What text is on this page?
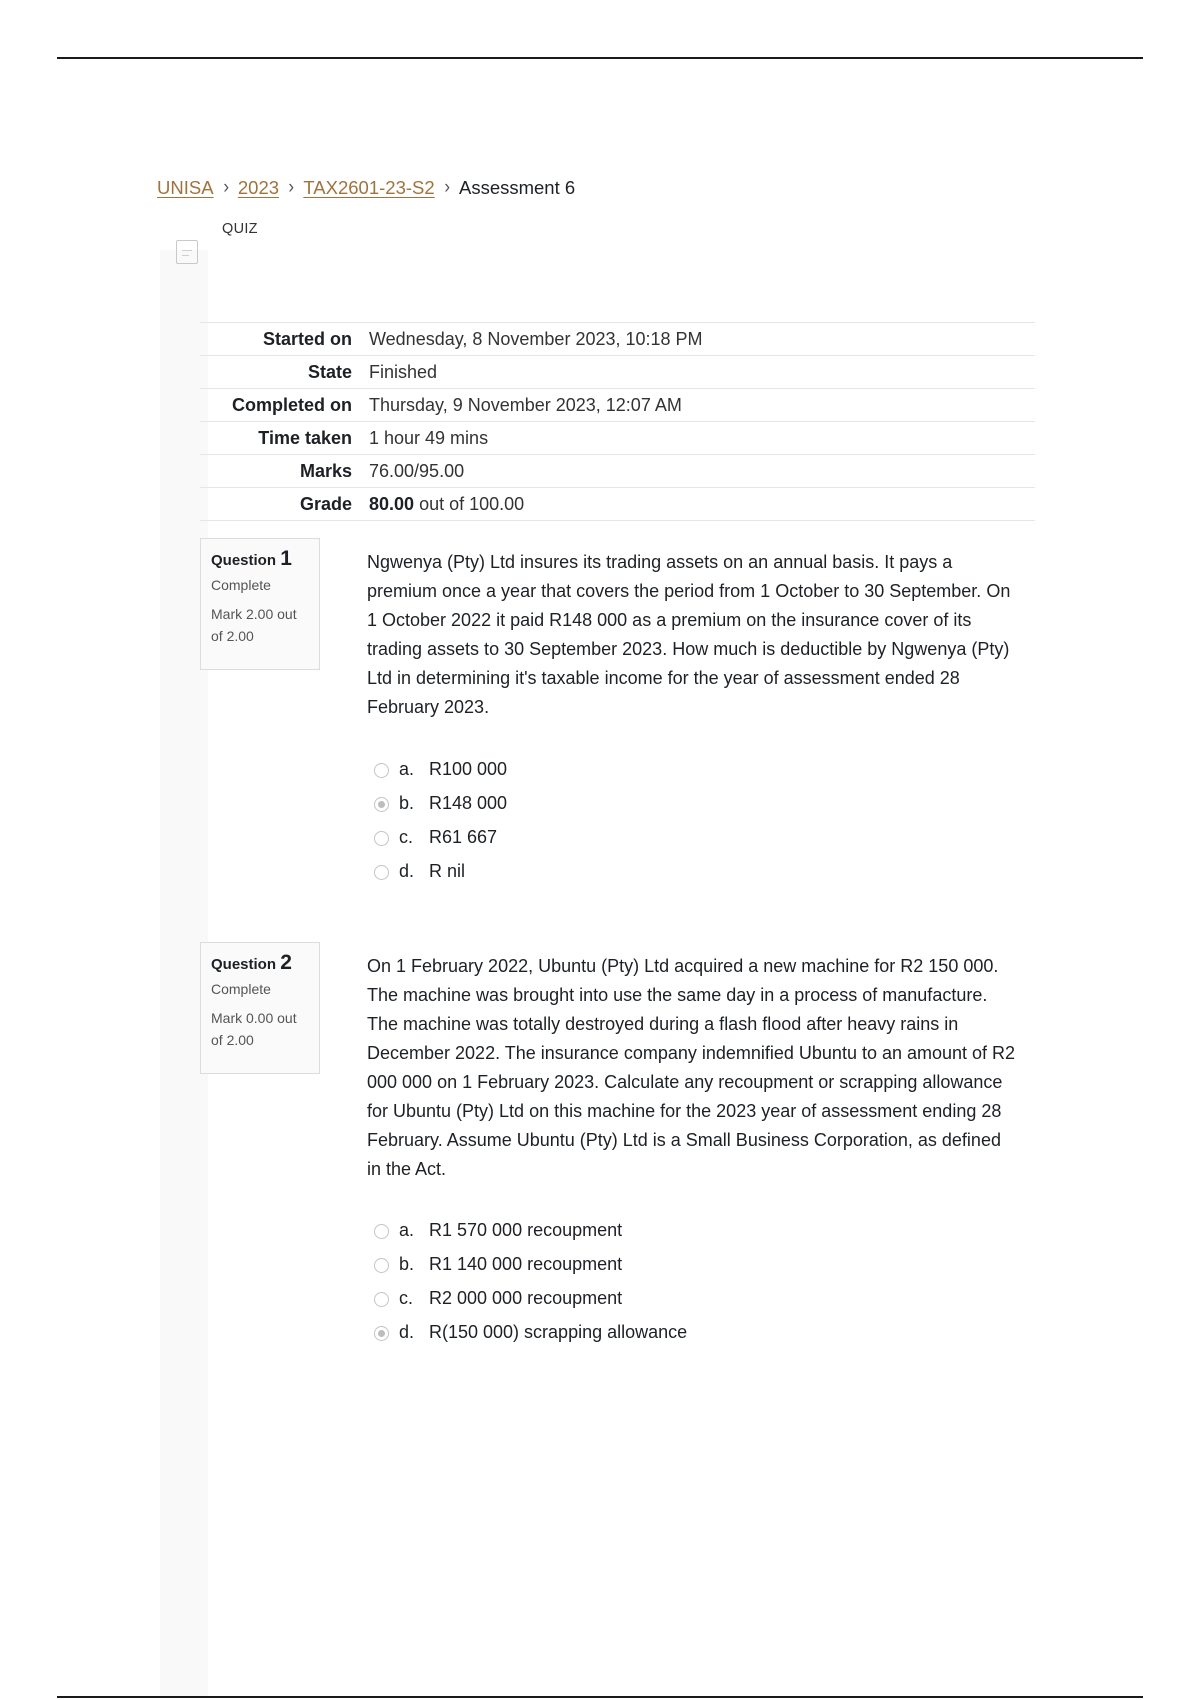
UNISA › 2023 › TAX2601-23-S2 › Assessment 6
QUIZ
Started on	Wednesday, 8 November 2023, 10:18 PM
State	Finished
Completed on	Thursday, 9 November 2023, 12:07 AM
Time taken	1 hour 49 mins
Marks	76.00/95.00
Grade	80.00 out of 100.00
Question 1
Complete
Mark 2.00 out
of 2.00
Ngwenya (Pty) Ltd insures its trading assets on an annual basis. It pays a premium once a year that covers the period from 1 October to 30 September. On 1 October 2022 it paid R148 000 as a premium on the insurance cover of its trading assets to 30 September 2023. How much is deductible by Ngwenya (Pty) Ltd in determining it's taxable income for the year of assessment ended 28 February 2023.
a. R100 000
b. R148 000
c. R61 667
d. R nil
Question 2
Complete
Mark 0.00 out
of 2.00
On 1 February 2022, Ubuntu (Pty) Ltd acquired a new machine for R2 150 000. The machine was brought into use the same day in a process of manufacture. The machine was totally destroyed during a flash flood after heavy rains in December 2022. The insurance company indemnified Ubuntu to an amount of R2 000 000 on 1 February 2023. Calculate any recoupment or scrapping allowance for Ubuntu (Pty) Ltd on this machine for the 2023 year of assessment ending 28 February. Assume Ubuntu (Pty) Ltd is a Small Business Corporation, as defined in the Act.
a. R1 570 000 recoupment
b. R1 140 000 recoupment
c. R2 000 000 recoupment
d. R(150 000) scrapping allowance
